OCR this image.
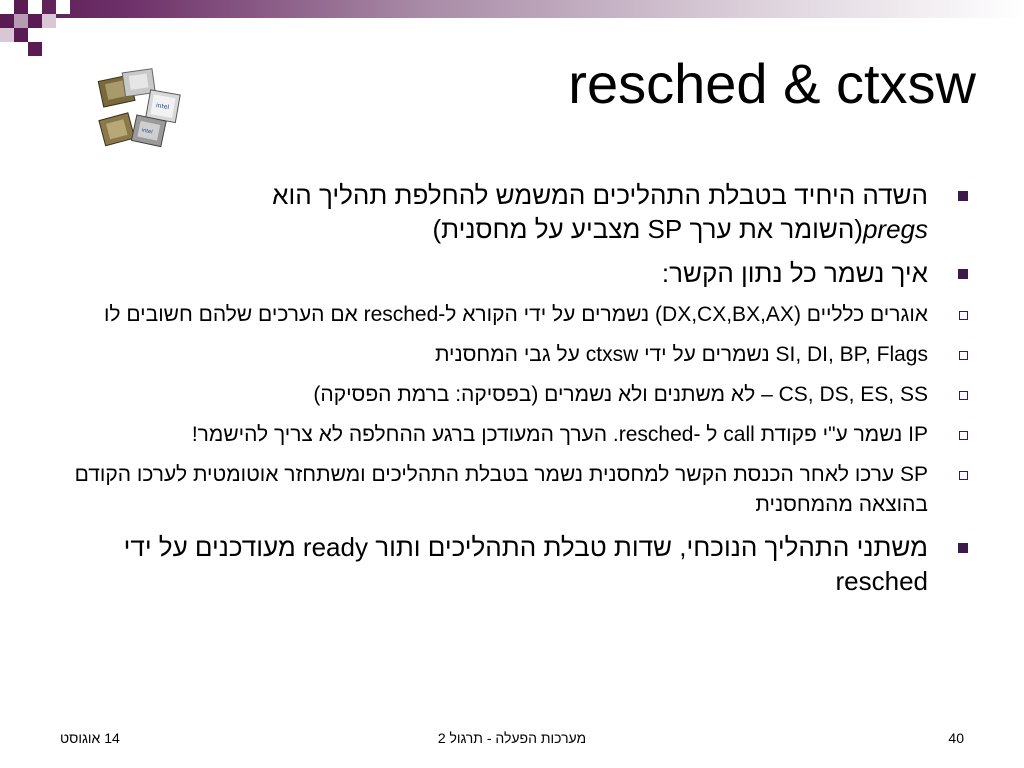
intel
intel
resched & ctxsw
השדה היחיד בטבלת התהליכים המשמש להחלפת תהליך הוא
pregs(השומר את ערך SP מצביע על מחסנית)
איך נשמר כל נתון הקשר:
אוגרים כלליים (DX,CX,BX,AX) נשמרים על ידי הקורא ל-resched אם הערכים שלהם חשובים לו
SI, DI, BP, Flags נשמרים על ידי ctxsw על גבי המחסנית
CS, DS, ES, SS – לא משתנים ולא נשמרים (בפסיקה: ברמת הפסיקה)
IP נשמר ע"י פקודת call ל -resched. הערך המעודכן ברגע ההחלפה לא צריך להישמר!
SP ערכו לאחר הכנסת הקשר למחסנית נשמר בטבלת התהליכים ומשתחזר אוטומטית לערכו הקודם בהוצאה מהמחסנית
משתני התהליך הנוכחי, שדות טבלת התהליכים ותור ready מעודכנים על ידי resched
14 אוגוסט	מערכות הפעלה - תרגול 2	40
